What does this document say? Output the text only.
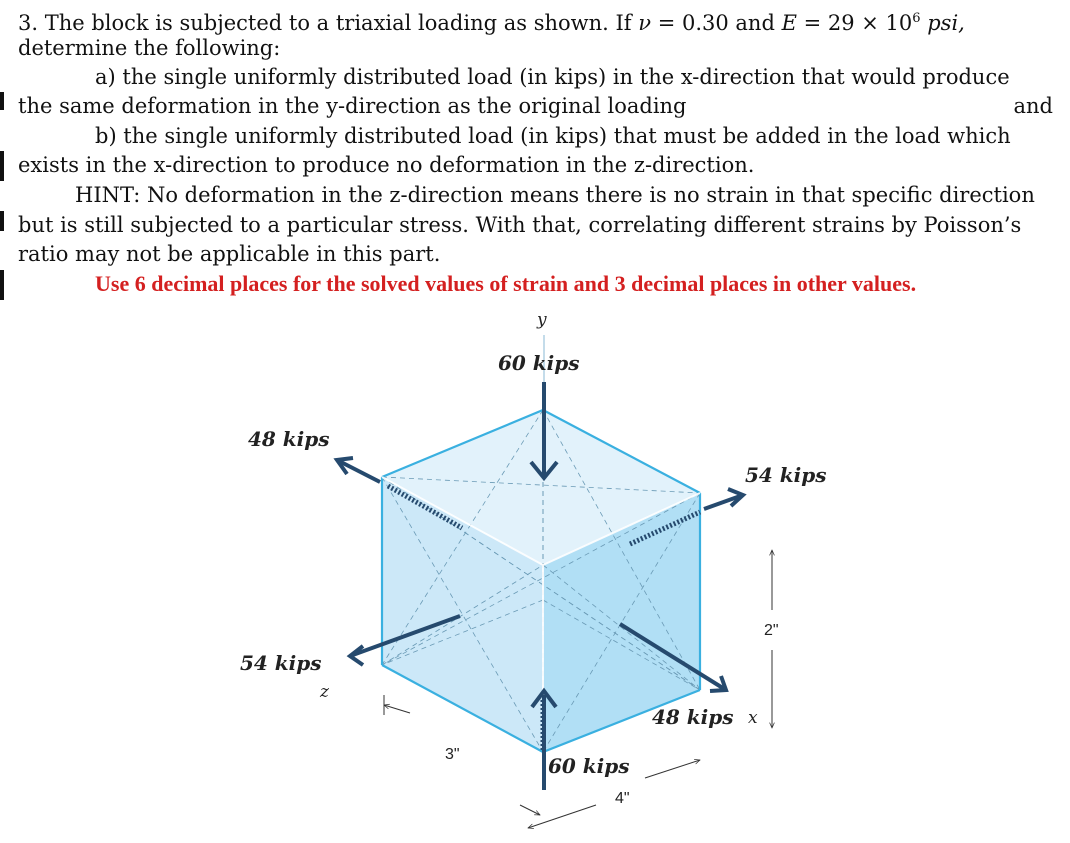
3. The block is subjected to a triaxial loading as shown. If ν = 0.30 and $E = 29 \times 10^6$ psi,
determine the following:
a) the single uniformly distributed load (in kips) in the x-direction that would produce
the same deformation in the y-direction as the original loading	and
b) the single uniformly distributed load (in kips) that must be added in the load which
exists in the x-direction to produce no deformation in the z-direction.
HINT: No deformation in the z-direction means there is no strain in that specific direction
but is still subjected to a particular stress. With that, correlating different strains by Poisson’s
ratio may not be applicable in this part.
Use 6 decimal places for the solved values of strain and 3 decimal places in other values.
y
z
x
60 kips
60 kips
48 kips
48 kips
54 kips
54 kips
2"
3"
4"
